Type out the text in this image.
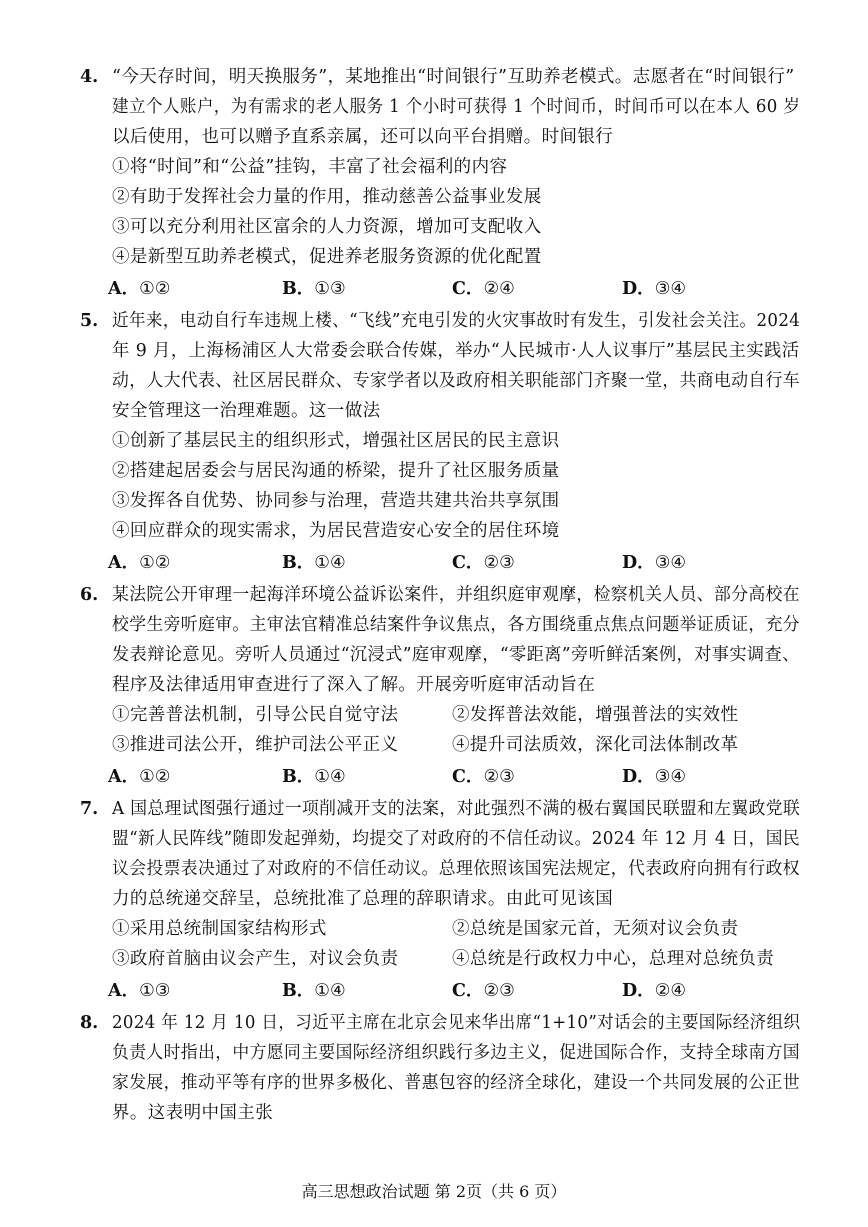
4. “今天存时间，明天换服务”，某地推出“时间银行”互助养老模式。志愿者在“时间银行”
建立个人账户，为有需求的老人服务 1 个小时可获得 1 个时间币，时间币可以在本人 60 岁
以后使用，也可以赠予直系亲属，还可以向平台捐赠。时间银行
①将“时间”和“公益”挂钩，丰富了社会福利的内容
②有助于发挥社会力量的作用，推动慈善公益事业发展
③可以充分利用社区富余的人力资源，增加可支配收入
④是新型互助养老模式，促进养老服务资源的优化配置
A．①②	B．①③	C．②④	D．③④
5. 近年来，电动自行车违规上楼、“飞线”充电引发的火灾事故时有发生，引发社会关注。2024
年 9 月，上海杨浦区人大常委会联合传媒，举办“人民城市·人人议事厅”基层民主实践活
动，人大代表、社区居民群众、专家学者以及政府相关职能部门齐聚一堂，共商电动自行车
安全管理这一治理难题。这一做法
①创新了基层民主的组织形式，增强社区居民的民主意识
②搭建起居委会与居民沟通的桥梁，提升了社区服务质量
③发挥各自优势、协同参与治理，营造共建共治共享氛围
④回应群众的现实需求，为居民营造安心安全的居住环境
A．①②	B．①④	C．②③	D．③④
6. 某法院公开审理一起海洋环境公益诉讼案件，并组织庭审观摩，检察机关人员、部分高校在
校学生旁听庭审。主审法官精准总结案件争议焦点，各方围绕重点焦点问题举证质证，充分
发表辩论意见。旁听人员通过“沉浸式”庭审观摩，“零距离”旁听鲜活案例，对事实调查、
程序及法律适用审查进行了深入了解。开展旁听庭审活动旨在
①完善普法机制，引导公民自觉守法	②发挥普法效能，增强普法的实效性
③推进司法公开，维护司法公平正义	④提升司法质效，深化司法体制改革
A．①②	B．①④	C．②③	D．③④
7. A 国总理试图强行通过一项削减开支的法案，对此强烈不满的极右翼国民联盟和左翼政党联
盟“新人民阵线”随即发起弹劾，均提交了对政府的不信任动议。2024 年 12 月 4 日，国民
议会投票表决通过了对政府的不信任动议。总理依照该国宪法规定，代表政府向拥有行政权
力的总统递交辞呈，总统批准了总理的辞职请求。由此可见该国
①采用总统制国家结构形式	②总统是国家元首，无须对议会负责
③政府首脑由议会产生，对议会负责	④总统是行政权力中心，总理对总统负责
A．①③	B．①④	C．②③	D．②④
8. 2024 年 12 月 10 日，习近平主席在北京会见来华出席“1+10”对话会的主要国际经济组织
负责人时指出，中方愿同主要国际经济组织践行多边主义，促进国际合作，支持全球南方国
家发展，推动平等有序的世界多极化、普惠包容的经济全球化，建设一个共同发展的公正世
界。这表明中国主张
高三思想政治试题 第 2页（共 6 页）
